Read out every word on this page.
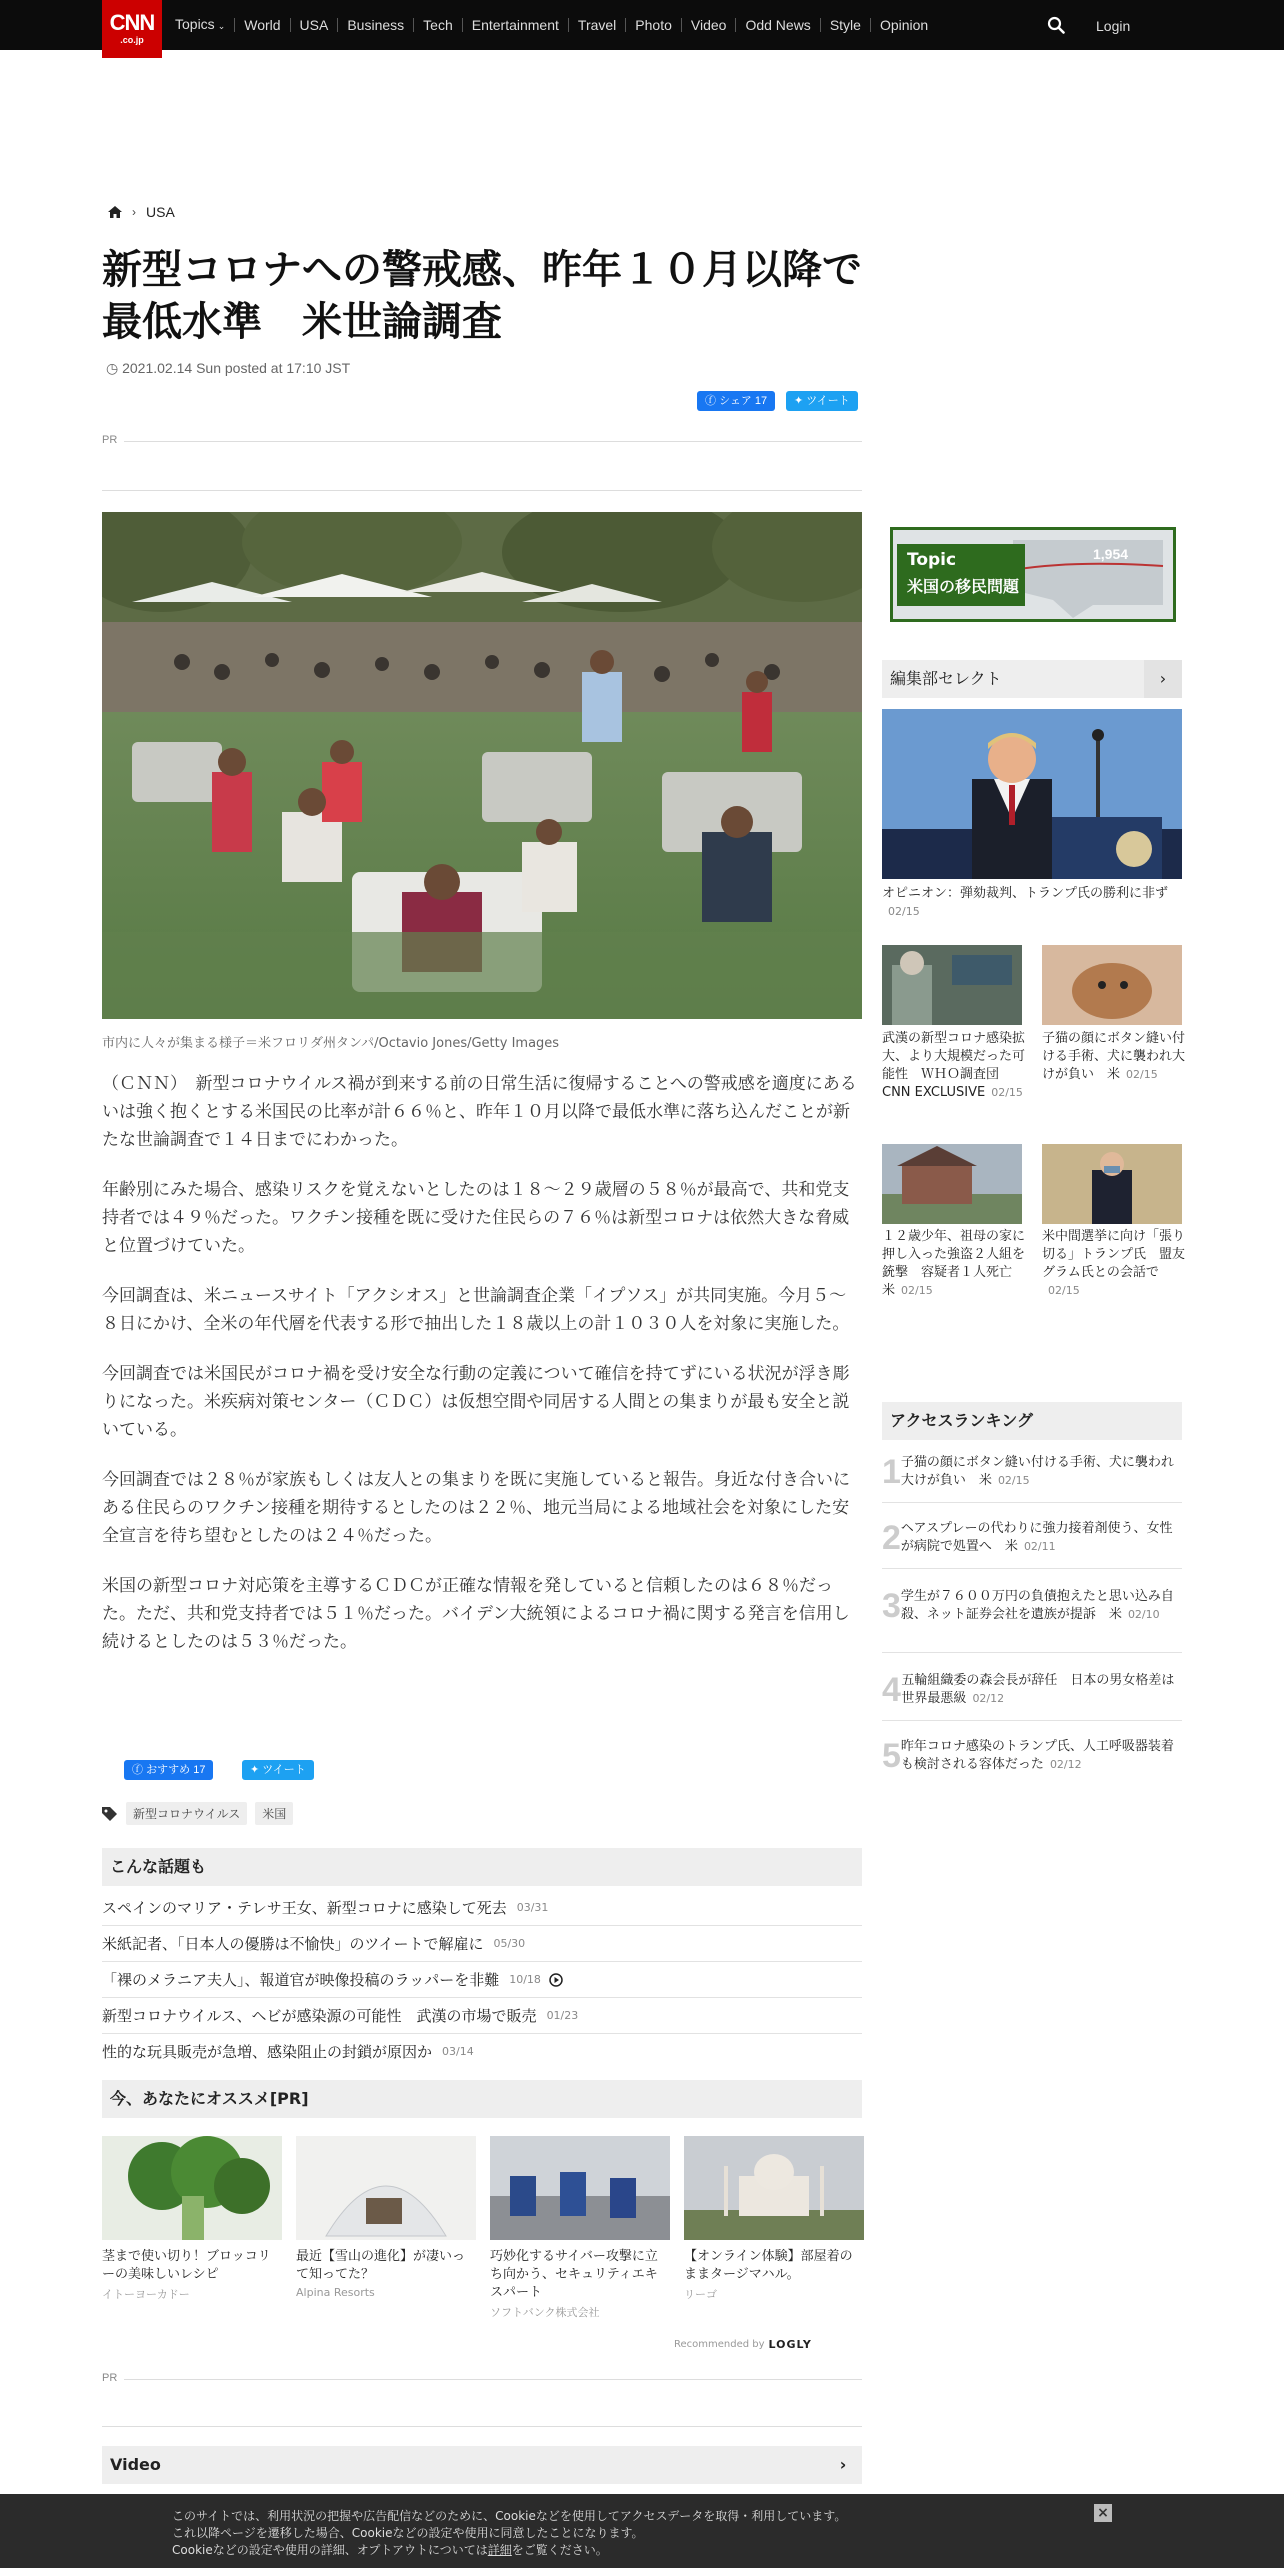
CNN
.co.jp
Topics ⌄	World	USA	Business	Tech	Entertainment	Travel	Photo	Video	Odd News	Style	Opinion	Login
› USA
新型コロナへの警戒感、昨年１０月以降で最低水準　米世論調査
◷ 2021.02.14 Sun posted at 17:10 JST
ⓕ シェア 17	✦ ツイート
PR
市内に人々が集まる様子＝米フロリダ州タンパ/Octavio Jones/Getty Images

（ＣＮＮ）　新型コロナウイルス禍が到来する前の日常生活に復帰することへの警戒感を適度にあるいは強く抱くとする米国民の比率が計６６％と、昨年１０月以降で最低水準に落ち込んだことが新たな世論調査で１４日までにわかった。

年齢別にみた場合、感染リスクを覚えないとしたのは１８～２９歳層の５８％が最高で、共和党支持者では４９％だった。ワクチン接種を既に受けた住民らの７６％は新型コロナは依然大きな脅威と位置づけていた。

今回調査は、米ニュースサイト「アクシオス」と世論調査企業「イプソス」が共同実施。今月５～８日にかけ、全米の年代層を代表する形で抽出した１８歳以上の計１０３０人を対象に実施した。

今回調査では米国民がコロナ禍を受け安全な行動の定義について確信を持てずにいる状況が浮き彫りになった。米疾病対策センター（ＣＤＣ）は仮想空間や同居する人間との集まりが最も安全と説いている。

今回調査では２８％が家族もしくは友人との集まりを既に実施していると報告。身近な付き合いにある住民らのワクチン接種を期待するとしたのは２２％、地元当局による地域社会を対象にした安全宣言を待ち望むとしたのは２４％だった。

米国の新型コロナ対応策を主導するＣＤＣが正確な情報を発していると信頼したのは６８％だった。ただ、共和党支持者では５１％だった。バイデン大統領によるコロナ禍に関する発言を信用し続けるとしたのは５３％だった。

ⓕ おすすめ 17	✦ ツイート
新型コロナウイルス	米国
こんな話題も
スペインのマリア・テレサ王女、新型コロナに感染して死去 03/31
米紙記者、「日本人の優勝は不愉快」のツイートで解雇に 05/30
「裸のメラニア夫人」、報道官が映像投稿のラッパーを非難 10/18
新型コロナウイルス、ヘビが感染源の可能性　武漢の市場で販売 01/23
性的な玩具販売が急増、感染阻止の封鎖が原因か 03/14
今、あなたにオススメ[PR]
茎まで使い切り！ブロッコリーの美味しいレシピ
イトーヨーカドー
最近【雪山の進化】が凄いって知ってた？
Alpina Resorts
巧妙化するサイバー攻撃に立ち向かう、セキュリティエキスパート
ソフトバンク株式会社
【オンライン体験】部屋着のままタージマハル。
リーゴ
Recommended by LOGLY
PR
Video	›
Topic
米国の移民問題
1,954
編集部セレクト	›
オピニオン：弾劾裁判、トランプ氏の勝利に非ず02/15
武漢の新型コロナ感染拡大、より大規模だった可能性　ＷＨＯ調査団　CNN EXCLUSIVE 02/15
子猫の顔にボタン縫い付ける手術、犬に襲われ大けが負い　米 02/15
１２歳少年、祖母の家に押し入った強盗２人組を銃撃　容疑者１人死亡　米 02/15
米中間選挙に向け「張り切る」トランプ氏　盟友グラム氏との会話で02/15
アクセスランキング
1 子猫の顔にボタン縫い付ける手術、犬に襲われ大けが負い　米 02/15
2 ヘアスプレーの代わりに強力接着剤使う、女性が病院で処置へ　米 02/11
3 学生が７６００万円の負債抱えたと思い込み自殺、ネット証券会社を遺族が提訴　米 02/10
4 五輪組織委の森会長が辞任　日本の男女格差は世界最悪級 02/12
5 昨年コロナ感染のトランプ氏、人工呼吸器装着も検討される容体だった 02/12
このサイトでは、利用状況の把握や広告配信などのために、Cookieなどを使用してアクセスデータを取得・利用しています。
これ以降ページを遷移した場合、Cookieなどの設定や使用に同意したことになります。
Cookieなどの設定や使用の詳細、オプトアウトについては詳細をご覧ください。
×
